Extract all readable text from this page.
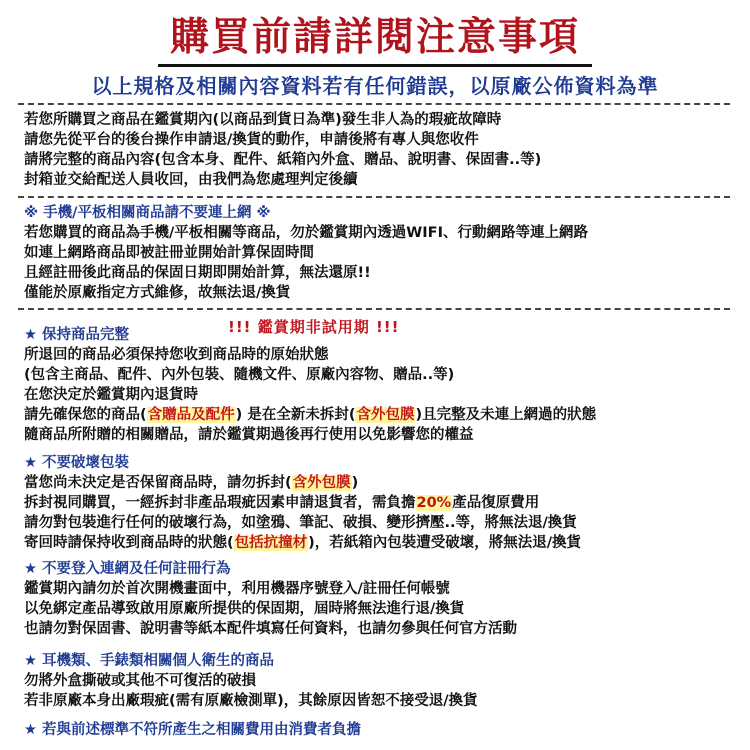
購買前請詳閱注意事項
以上規格及相關內容資料若有任何錯誤，以原廠公佈資料為準
若您所購買之商品在鑑賞期內(以商品到貨日為準)發生非人為的瑕疵故障時
請您先從平台的後台操作申請退/換貨的動作，申請後將有專人與您收件
請將完整的商品內容(包含本身、配件、紙箱內外盒、贈品、說明書、保固書..等)
封箱並交給配送人員收回，由我們為您處理判定後續
※ 手機/平板相關商品請不要連上網 ※
若您購買的商品為手機/平板相關等商品，勿於鑑賞期內透過WIFI、行動網路等連上網路
如連上網路商品即被註冊並開始計算保固時間
且經註冊後此商品的保固日期即開始計算，無法還原!!
僅能於原廠指定方式維修，故無法退/換貨
!!! 鑑賞期非試用期 !!!
★ 保持商品完整
所退回的商品必須保持您收到商品時的原始狀態
(包含主商品、配件、內外包裝、隨機文件、原廠內容物、贈品..等)
在您決定於鑑賞期內退貨時
請先確保您的商品(含贈品及配件) 是在全新未拆封(含外包膜)且完整及未連上網過的狀態
隨商品所附贈的相關贈品，請於鑑賞期過後再行使用以免影響您的權益
★ 不要破壞包裝
當您尚未決定是否保留商品時，請勿拆封(含外包膜)
拆封視同購買，一經拆封非產品瑕疵因素申請退貨者，需負擔20%產品復原費用
請勿對包裝進行任何的破壞行為，如塗鴉、筆記、破損、變形擠壓..等，將無法退/換貨
寄回時請保持收到商品時的狀態(包括抗撞材)，若紙箱內包裝遭受破壞，將無法退/換貨
★ 不要登入連網及任何註冊行為
鑑賞期內請勿於首次開機畫面中，利用機器序號登入/註冊任何帳號
以免綁定產品導致啟用原廠所提供的保固期，屆時將無法進行退/換貨
也請勿對保固書、說明書等紙本配件填寫任何資料，也請勿參與任何官方活動
★ 耳機類、手錶類相關個人衛生的商品
勿將外盒撕破或其他不可復活的破損
若非原廠本身出廠瑕疵(需有原廠檢測單)，其餘原因皆恕不接受退/換貨
★ 若與前述標準不符所產生之相關費用由消費者負擔
